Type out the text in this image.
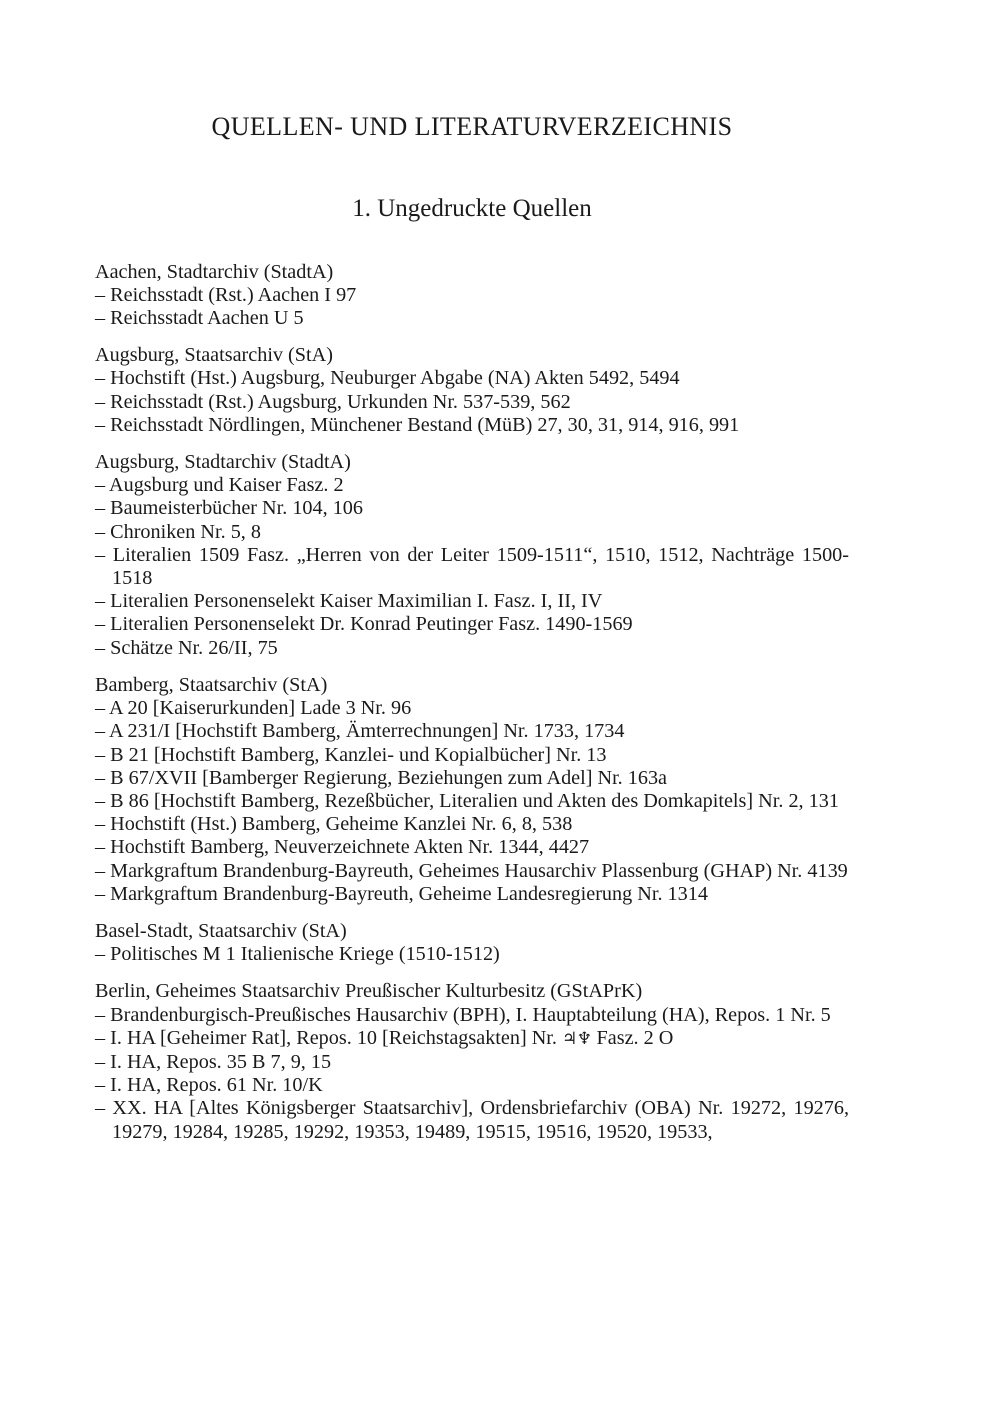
QUELLEN- UND LITERATURVERZEICHNIS
1. Ungedruckte Quellen

Aachen, Stadtarchiv (StadtA)

– Reichsstadt (Rst.) Aachen I 97
– Reichsstadt Aachen U 5

Augsburg, Staatsarchiv (StA)

– Hochstift (Hst.) Augsburg, Neuburger Abgabe (NA) Akten 5492, 5494
– Reichsstadt (Rst.) Augsburg, Urkunden Nr. 537-539, 562
– Reichsstadt Nördlingen, Münchener Bestand (MüB) 27, 30, 31, 914, 916, 991

Augsburg, Stadtarchiv (StadtA)

– Augsburg und Kaiser Fasz. 2
– Baumeisterbücher Nr. 104, 106
– Chroniken Nr. 5, 8
– Literalien 1509 Fasz. „Herren von der Leiter 1509-1511“, 1510, 1512, Nachträge 1500-1518
– Literalien Personenselekt Kaiser Maximilian I. Fasz. I, II, IV
– Literalien Personenselekt Dr. Konrad Peutinger Fasz. 1490-1569
– Schätze Nr. 26/II, 75

Bamberg, Staatsarchiv (StA)

– A 20 [Kaiserurkunden] Lade 3 Nr. 96
– A 231/I [Hochstift Bamberg, Ämterrechnungen] Nr. 1733, 1734
– B 21 [Hochstift Bamberg, Kanzlei- und Kopialbücher] Nr. 13
– B 67/XVII [Bamberger Regierung, Beziehungen zum Adel] Nr. 163a
– B 86 [Hochstift Bamberg, Rezeßbücher, Literalien und Akten des Domkapitels] Nr. 2, 131
– Hochstift (Hst.) Bamberg, Geheime Kanzlei Nr. 6, 8, 538
– Hochstift Bamberg, Neuverzeichnete Akten Nr. 1344, 4427
– Markgraftum Brandenburg-Bayreuth, Geheimes Hausarchiv Plassenburg (GHAP) Nr. 4139
– Markgraftum Brandenburg-Bayreuth, Geheime Landesregierung Nr. 1314

Basel-Stadt, Staatsarchiv (StA)

– Politisches M 1 Italienische Kriege (1510-1512)

Berlin, Geheimes Staatsarchiv Preußischer Kulturbesitz (GStAPrK)

– Brandenburgisch-Preußisches Hausarchiv (BPH), I. Hauptabteilung (HA), Repos. 1 Nr. 5
– I. HA [Geheimer Rat], Repos. 10 [Reichstagsakten] Nr. ♃♆ Fasz. 2 O
– I. HA, Repos. 35 B 7, 9, 15
– I. HA, Repos. 61 Nr. 10/K
– XX. HA [Altes Königsberger Staatsarchiv], Ordensbriefarchiv (OBA) Nr. 19272, 19276, 19279, 19284, 19285, 19292, 19353, 19489, 19515, 19516, 19520, 19533,
